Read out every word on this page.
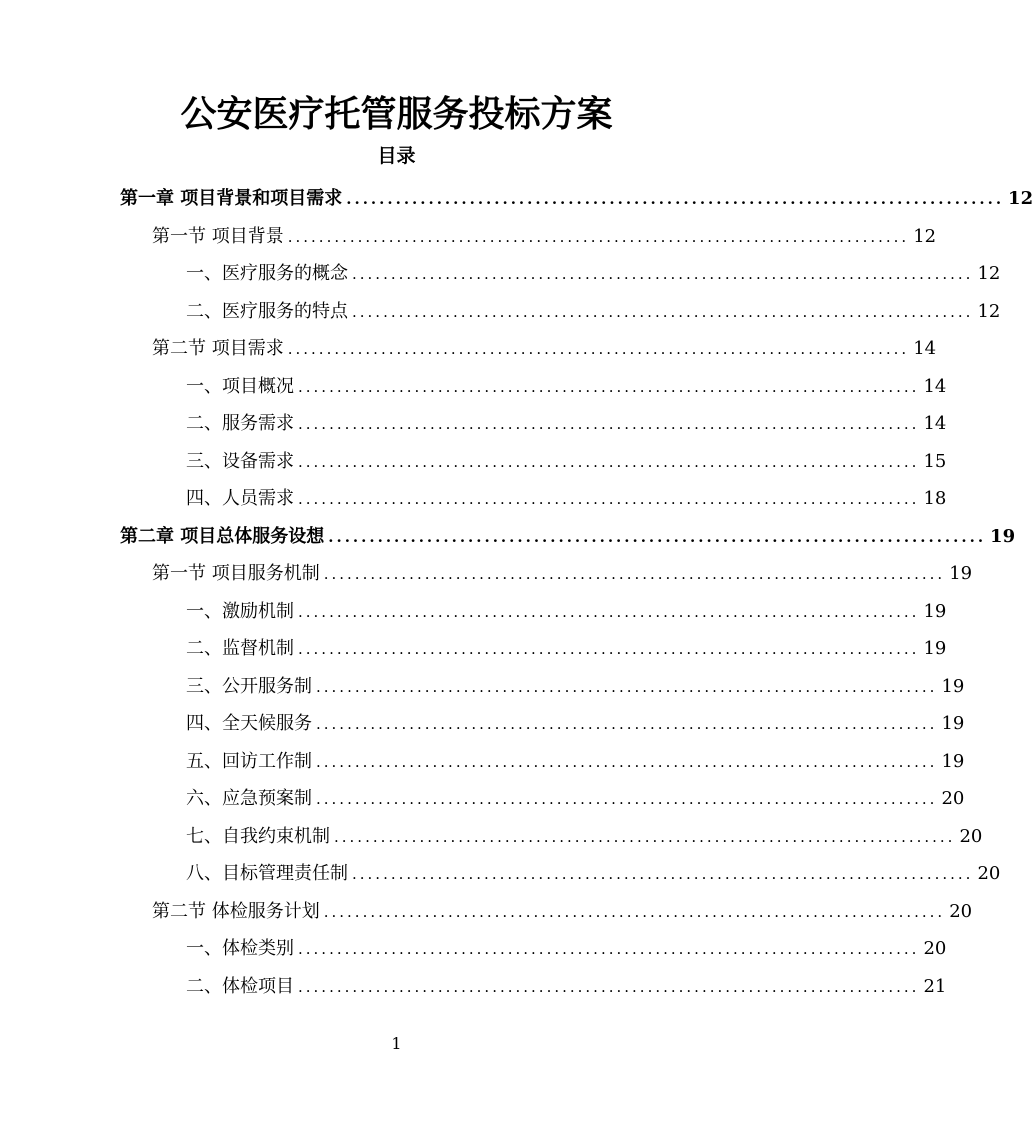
公安医疗托管服务投标方案
目录
第一章 项目背景和项目需求 ................................................................................ 12
第一节 项目背景 ................................................................................ 12
一、医疗服务的概念 ................................................................................ 12
二、医疗服务的特点 ................................................................................ 12
第二节 项目需求 ................................................................................ 14
一、项目概况 ................................................................................ 14
二、服务需求 ................................................................................ 14
三、设备需求 ................................................................................ 15
四、人员需求 ................................................................................ 18
第二章 项目总体服务设想 ................................................................................ 19
第一节 项目服务机制 ................................................................................ 19
一、激励机制 ................................................................................ 19
二、监督机制 ................................................................................ 19
三、公开服务制 ................................................................................ 19
四、全天候服务 ................................................................................ 19
五、回访工作制 ................................................................................ 19
六、应急预案制 ................................................................................ 20
七、自我约束机制 ................................................................................ 20
八、目标管理责任制 ................................................................................ 20
第二节 体检服务计划 ................................................................................ 20
一、体检类别 ................................................................................ 20
二、体检项目 ................................................................................ 21
1
